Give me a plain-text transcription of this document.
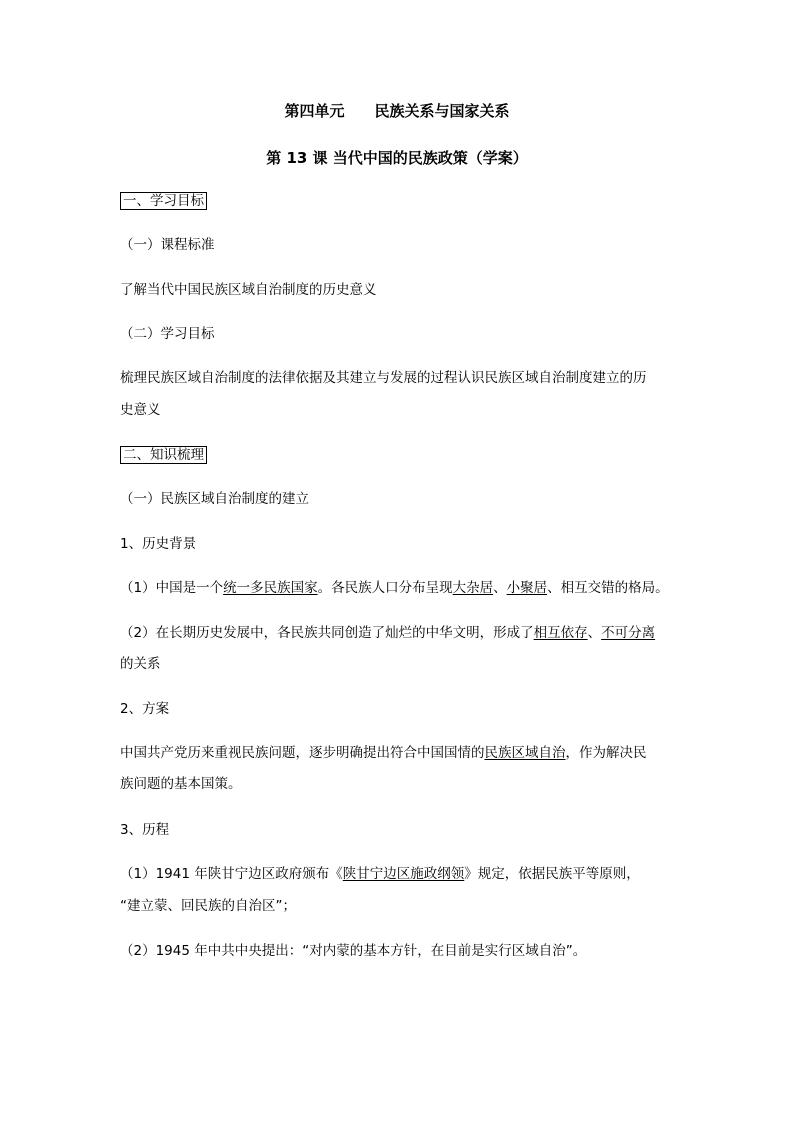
第四单元 民族关系与国家关系
第 13 课 当代中国的民族政策（学案）
一、学习目标
（一）课程标准
了解当代中国民族区域自治制度的历史意义
（二）学习目标
梳理民族区域自治制度的法律依据及其建立与发展的过程认识民族区域自治制度建立的历
史意义
二、知识梳理
（一）民族区域自治制度的建立
1、历史背景
（1）中国是一个统一多民族国家。各民族人口分布呈现大杂居、小聚居、相互交错的格局。
（2）在长期历史发展中，各民族共同创造了灿烂的中华文明，形成了相互依存、不可分离
的关系
2、方案
中国共产党历来重视民族问题，逐步明确提出符合中国国情的民族区域自治，作为解决民
族问题的基本国策。
3、历程
（1）1941 年陕甘宁边区政府颁布《陕甘宁边区施政纲领》规定，依据民族平等原则，
“建立蒙、回民族的自治区”；
（2）1945 年中共中央提出：“对内蒙的基本方针，在目前是实行区域自治”。
